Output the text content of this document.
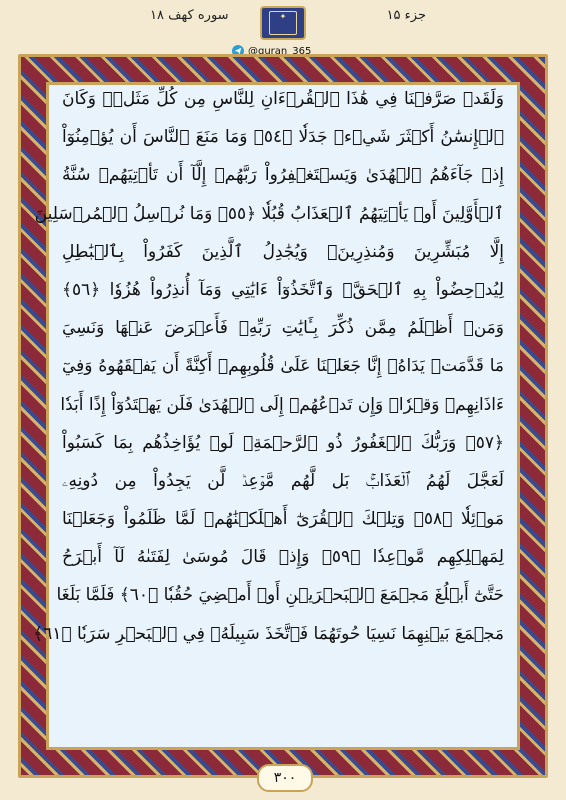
سوره کهف ۱۸	✦	جزء ۱۵
@quran_365
وَلَقَدۡ صَرَّفۡنَا فِي هَٰذَا ٱلۡقُرۡءَانِ لِلنَّاسِ مِن كُلِّ مَثَلٖۚ وَكَانَ
ٱلۡإِنسَٰنُ أَكۡثَرَ شَيۡءٖ جَدَلٗا ﴿٥٤﴾ وَمَا مَنَعَ ٱلنَّاسَ أَن يُؤۡمِنُوٓاْ
إِذۡ جَآءَهُمُ ٱلۡهُدَىٰ وَيَسۡتَغۡفِرُواْ رَبَّهُمۡ إِلَّآ أَن تَأۡتِيَهُمۡ سُنَّةُ
ٱلۡأَوَّلِينَ أَوۡ يَأۡتِيَهُمُ ٱلۡعَذَابُ قُبُلٗا ﴿٥٥﴾ وَمَا نُرۡسِلُ ٱلۡمُرۡسَلِينَ
إِلَّا مُبَشِّرِينَ وَمُنذِرِينَۚ وَيُجَٰدِلُ ٱلَّذِينَ كَفَرُواْ بِٱلۡبَٰطِلِ
لِيُدۡحِضُواْ بِهِ ٱلۡحَقَّۖ وَٱتَّخَذُوٓاْ ءَايَٰتِي وَمَآ أُنذِرُواْ هُزُوٗا ﴿٥٦﴾
وَمَنۡ أَظۡلَمُ مِمَّن ذُكِّرَ بِـَٔايَٰتِ رَبِّهِۦ فَأَعۡرَضَ عَنۡهَا وَنَسِيَ
مَا قَدَّمَتۡ يَدَاهُۚ إِنَّا جَعَلۡنَا عَلَىٰ قُلُوبِهِمۡ أَكِنَّةً أَن يَفۡقَهُوهُ وَفِيٓ
ءَاذَانِهِمۡ وَقۡرٗاۖ وَإِن تَدۡعُهُمۡ إِلَى ٱلۡهُدَىٰ فَلَن يَهۡتَدُوٓاْ إِذًا أَبَدٗا
﴿٥٧﴾ وَرَبُّكَ ٱلۡغَفُورُ ذُو ٱلرَّحۡمَةِۖ لَوۡ يُؤَاخِذُهُم بِمَا كَسَبُواْ
لَعَجَّلَ لَهُمُ ٱلۡعَذَابَۚ بَل لَّهُم مَّوۡعِدٞ لَّن يَجِدُواْ مِن دُونِهِۦ
مَوۡئِلٗا ﴿٥٨﴾ وَتِلۡكَ ٱلۡقُرَىٰٓ أَهۡلَكۡنَٰهُمۡ لَمَّا ظَلَمُواْ وَجَعَلۡنَا
لِمَهۡلِكِهِم مَّوۡعِدٗا ﴿٥٩﴾ وَإِذۡ قَالَ مُوسَىٰ لِفَتَىٰهُ لَآ أَبۡرَحُ
حَتَّىٰٓ أَبۡلُغَ مَجۡمَعَ ٱلۡبَحۡرَيۡنِ أَوۡ أَمۡضِيَ حُقُبٗا ﴿٦٠﴾ فَلَمَّا بَلَغَا
مَجۡمَعَ بَيۡنِهِمَا نَسِيَا حُوتَهُمَا فَٱتَّخَذَ سَبِيلَهُۥ فِي ٱلۡبَحۡرِ سَرَبٗا ﴿٦١﴾
۳۰۰
